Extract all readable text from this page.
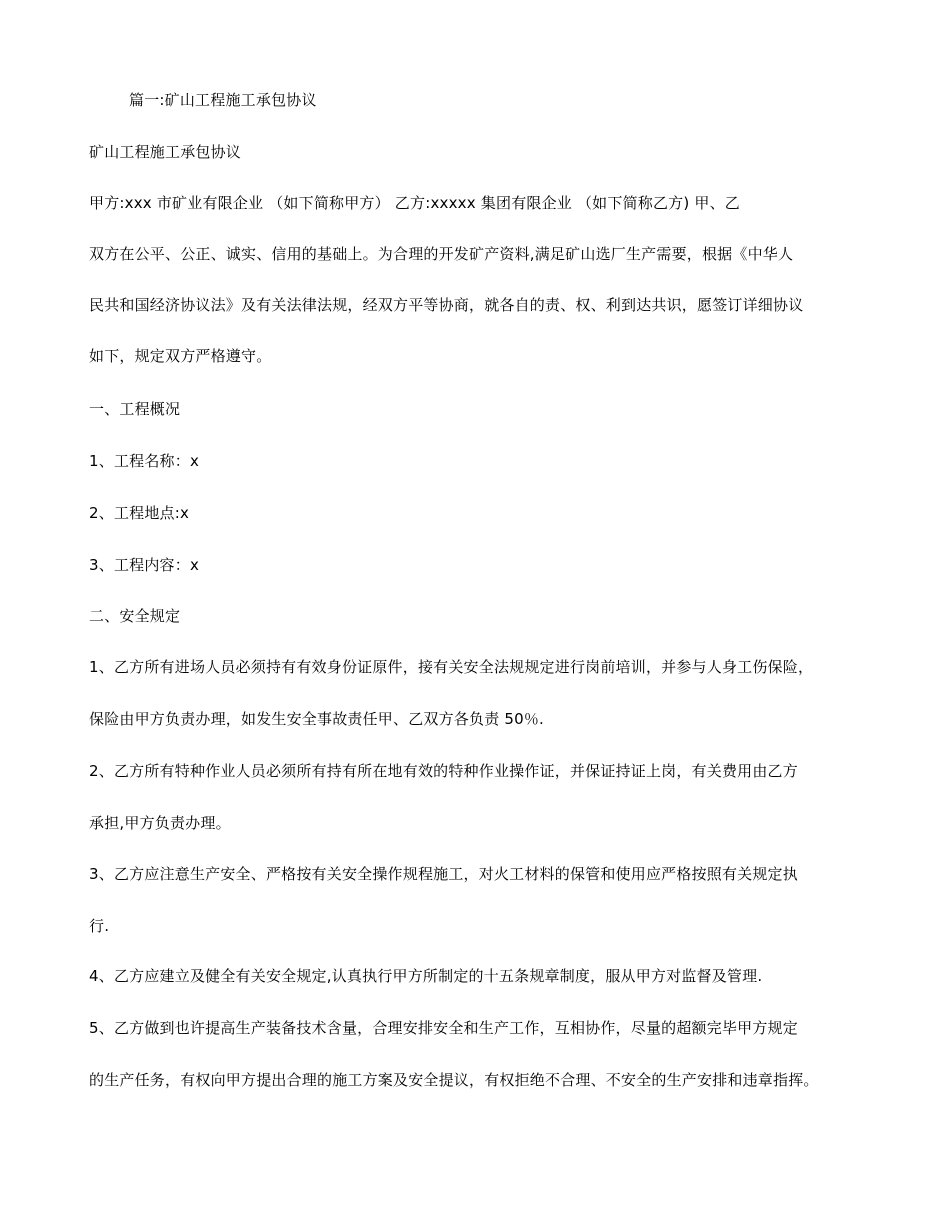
篇一:矿山工程施工承包协议
矿山工程施工承包协议
甲方:xxx 市矿业有限企业 （如下简称甲方） 乙方:xxxxx 集团有限企业 （如下简称乙方) 甲、乙
双方在公平、公正、诚实、信用的基础上。为合理的开发矿产资料,满足矿山选厂生产需要，根据《中华人
民共和国经济协议法》及有关法律法规，经双方平等协商，就各自的责、权、利到达共识，愿签订详细协议
如下，规定双方严格遵守。
一、工程概况
1、工程名称：x
2、工程地点:x
3、工程内容：x
二、安全规定
1、乙方所有进场人员必须持有有效身份证原件，接有关安全法规规定进行岗前培训，并参与人身工伤保险，
保险由甲方负责办理，如发生安全事故责任甲、乙双方各负责 50％.
2、乙方所有特种作业人员必须所有持有所在地有效的特种作业操作证，并保证持证上岗，有关费用由乙方
承担,甲方负责办理。
3、乙方应注意生产安全、严格按有关安全操作规程施工，对火工材料的保管和使用应严格按照有关规定执
行.
4、乙方应建立及健全有关安全规定,认真执行甲方所制定的十五条规章制度，服从甲方对监督及管理.
5、乙方做到也许提高生产装备技术含量，合理安排安全和生产工作，互相协作，尽量的超额完毕甲方规定
的生产任务，有权向甲方提出合理的施工方案及安全提议，有权拒绝不合理、不安全的生产安排和违章指挥。
